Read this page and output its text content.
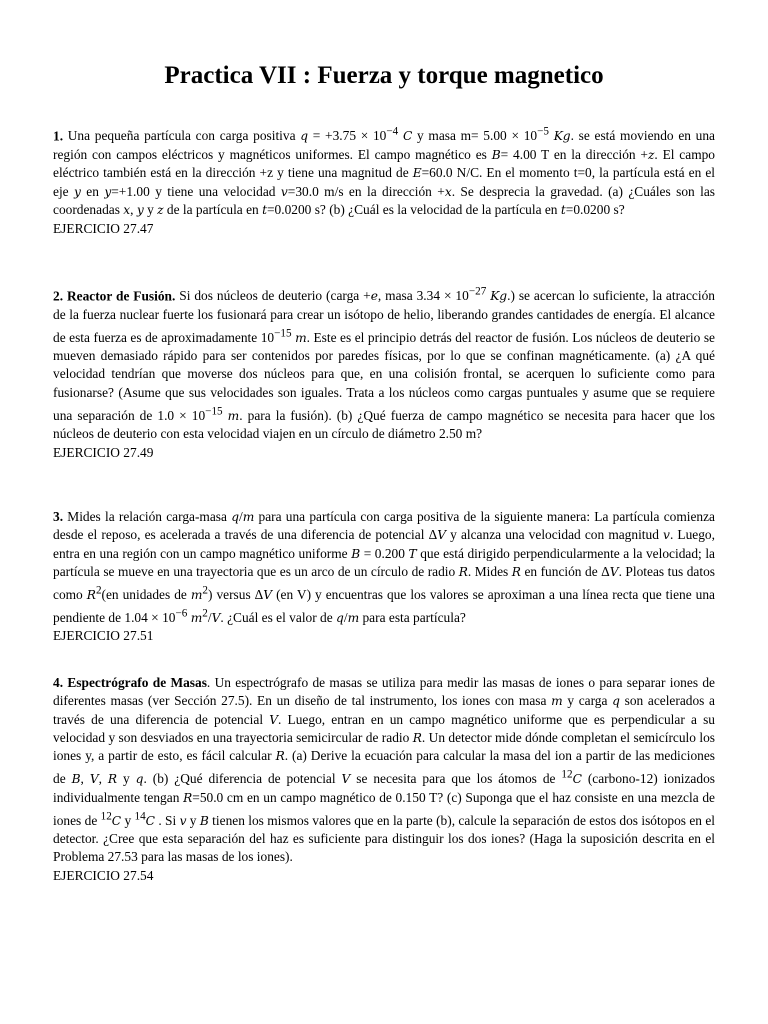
Practica VII : Fuerza y torque magnetico

1. Una pequeña partícula con carga positiva $q = +3.75 \times 10^{-4}$ C y masa $m= 5.00 \times 10^{-5}$ Kg. se está moviendo en una región con campos eléctricos y magnéticos uniformes. El campo magnético es B= 4.00 T en la dirección +z. El campo eléctrico también está en la dirección +z y tiene una magnitud de E=60.0 N/C. En el momento t=0, la partícula está en el eje y en y=+1.00 y tiene una velocidad v=30.0 m/s en la dirección +x. Se desprecia la gravedad. (a) ¿Cuáles son las coordenadas x, y y z de la partícula en t=0.0200 s? (b) ¿Cuál es la velocidad de la partícula en t=0.0200 s?

EJERCICIO 27.47

2. Reactor de Fusión. Si dos núcleos de deuterio (carga +e, masa $3.34 \times 10^{-27}$ Kg.) se acercan lo suficiente, la atracción de la fuerza nuclear fuerte los fusionará para crear un isótopo de helio, liberando grandes cantidades de energía. El alcance de esta fuerza es de aproximadamente $10^{-15}$ m. Este es el principio detrás del reactor de fusión. Los núcleos de deuterio se mueven demasiado rápido para ser contenidos por paredes físicas, por lo que se confinan magnéticamente. (a) ¿A qué velocidad tendrían que moverse dos núcleos para que, en una colisión frontal, se acerquen lo suficiente como para fusionarse? (Asume que sus velocidades son iguales. Trata a los núcleos como cargas puntuales y asume que se requiere una separación de $1.0 \times 10^{-15}$ m. para la fusión). (b) ¿Qué fuerza de campo magnético se necesita para hacer que los núcleos de deuterio con esta velocidad viajen en un círculo de diámetro 2.50 m?

EJERCICIO 27.49

3. Mides la relación carga-masa q/m para una partícula con carga positiva de la siguiente manera: La partícula comienza desde el reposo, es acelerada a través de una diferencia de potencial ΔV y alcanza una velocidad con magnitud v. Luego, entra en una región con un campo magnético uniforme B = 0.200 T que está dirigido perpendicularmente a la velocidad; la partícula se mueve en una trayectoria que es un arco de un círculo de radio R. Mides R en función de ΔV. Ploteas tus datos como $R^2(en$ unidades de $m^2$) versus ΔV (en V) y encuentras que los valores se aproximan a una línea recta que tiene una pendiente de $1.04 \times 10^{-6}$ $m^2/V$. ¿Cuál es el valor de q/m para esta partícula?

EJERCICIO 27.51

4. Espectrógrafo de Masas. Un espectrógrafo de masas se utiliza para medir las masas de iones o para separar iones de diferentes masas (ver Sección 27.5). En un diseño de tal instrumento, los iones con masa m y carga q son acelerados a través de una diferencia de potencial V. Luego, entran en un campo magnético uniforme que es perpendicular a su velocidad y son desviados en una trayectoria semicircular de radio R. Un detector mide dónde completan el semicírculo los iones y, a partir de esto, es fácil calcular R. (a) Derive la ecuación para calcular la masa del ion a partir de las mediciones de B, V, R y q. (b) ¿Qué diferencia de potencial V se necesita para que los átomos de $^{12}$C (carbono-12) ionizados individualmente tengan R=50.0 cm en un campo magnético de 0.150 T? (c) Suponga que el haz consiste en una mezcla de iones de $^{12}$C y $^{14}$C . Si v y B tienen los mismos valores que en la parte (b), calcule la separación de estos dos isótopos en el detector. ¿Cree que esta separación del haz es suficiente para distinguir los dos iones? (Haga la suposición descrita en el Problema 27.53 para las masas de los iones).

EJERCICIO 27.54
